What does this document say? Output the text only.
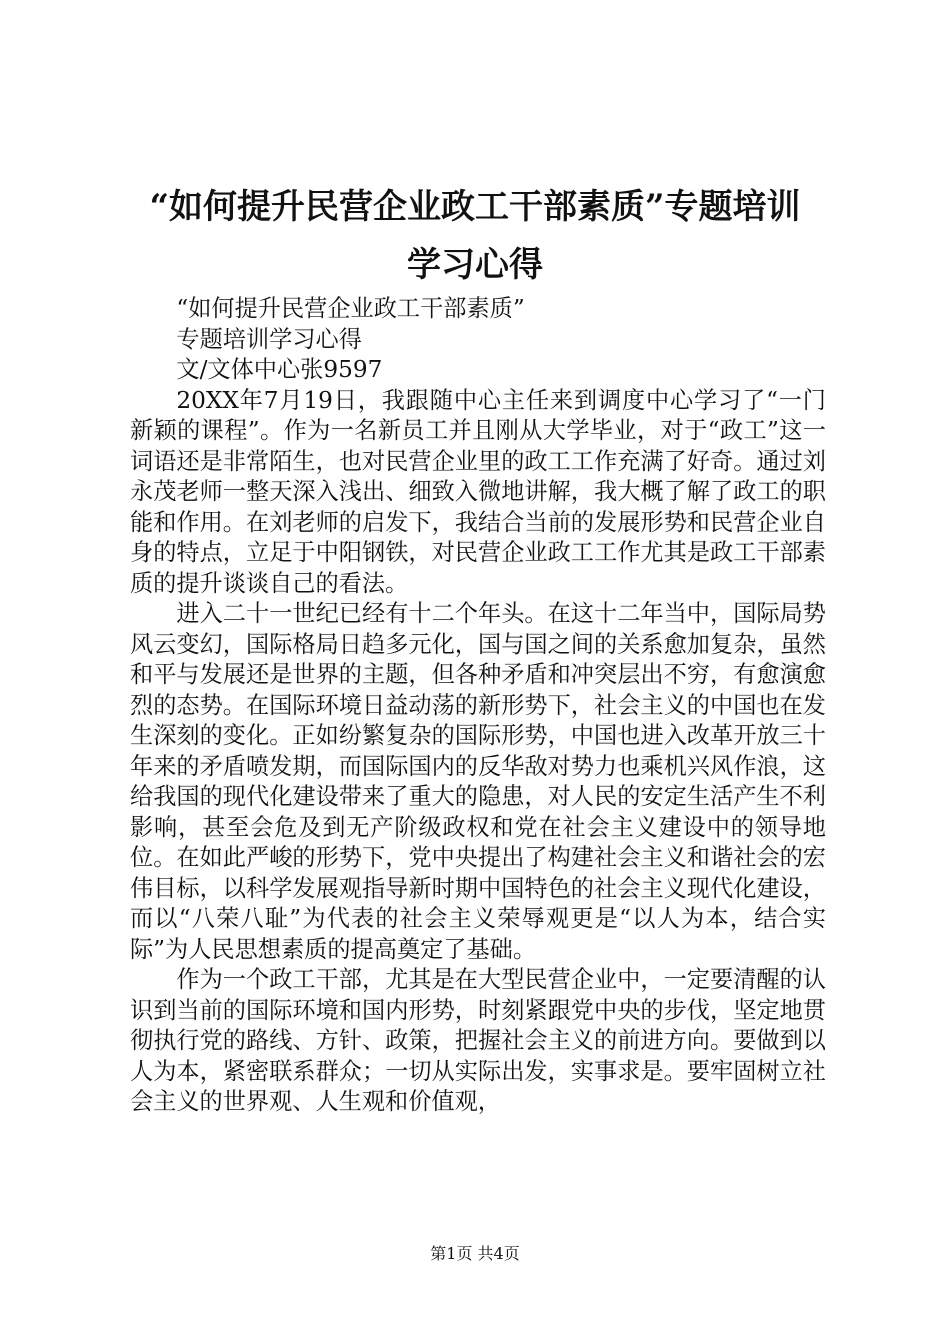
“如何提升民营企业政工干部素质”专题培训
学习心得

“如何提升民营企业政工干部素质”

专题培训学习心得

文/文体中心张9597

20XX年7月19日，我跟随中心主任来到调度中心学习了“一门新颖的课程”。作为一名新员工并且刚从大学毕业，对于“政工”这一词语还是非常陌生，也对民营企业里的政工工作充满了好奇。通过刘永茂老师一整天深入浅出、细致入微地讲解，我大概了解了政工的职能和作用。在刘老师的启发下，我结合当前的发展形势和民营企业自身的特点，立足于中阳钢铁，对民营企业政工工作尤其是政工干部素质的提升谈谈自己的看法。

进入二十一世纪已经有十二个年头。在这十二年当中，国际局势风云变幻，国际格局日趋多元化，国与国之间的关系愈加复杂，虽然和平与发展还是世界的主题，但各种矛盾和冲突层出不穷，有愈演愈烈的态势。在国际环境日益动荡的新形势下，社会主义的中国也在发生深刻的变化。正如纷繁复杂的国际形势，中国也进入改革开放三十年来的矛盾喷发期，而国际国内的反华敌对势力也乘机兴风作浪，这给我国的现代化建设带来了重大的隐患，对人民的安定生活产生不利影响，甚至会危及到无产阶级政权和党在社会主义建设中的领导地位。在如此严峻的形势下，党中央提出了构建社会主义和谐社会的宏伟目标，以科学发展观指导新时期中国特色的社会主义现代化建设，而以“八荣八耻”为代表的社会主义荣辱观更是“以人为本，结合实际”为人民思想素质的提高奠定了基础。

作为一个政工干部，尤其是在大型民营企业中，一定要清醒的认识到当前的国际环境和国内形势，时刻紧跟党中央的步伐，坚定地贯彻执行党的路线、方针、政策，把握社会主义的前进方向。要做到以人为本，紧密联系群众；一切从实际出发，实事求是。要牢固树立社会主义的世界观、人生观和价值观，

第1页 共4页
